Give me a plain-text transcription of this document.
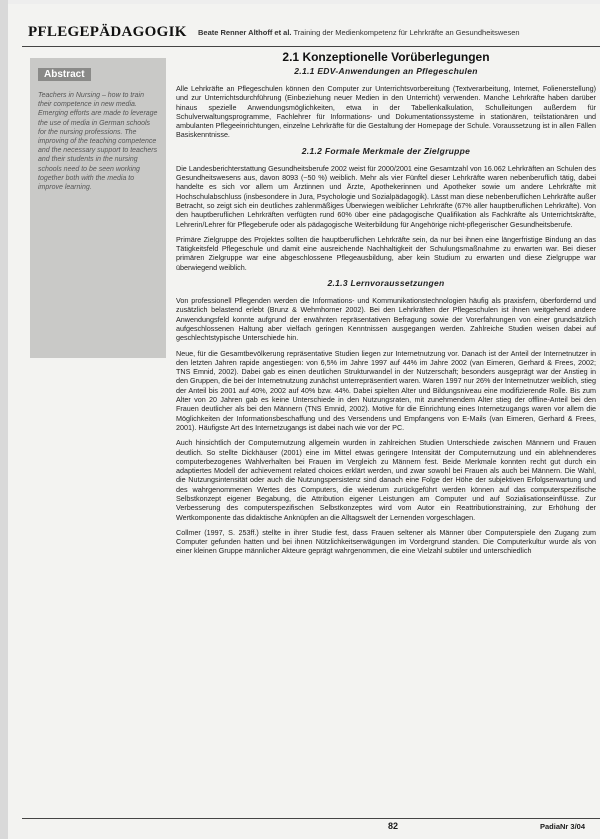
PFLEGEPÄDAGOGIK Beate Renner Althoff et al. Training der Medienkompetenz für Lehrkräfte an Gesundheitswesen
Abstract

Teachers in Nursing – how to train their competence in new media. Emerging efforts are made to leverage the use of media in German schools for the nursing professions. The improving of the teaching competence and the necessary support to teachers and their students in the nursing schools need to be seen working together both with the media to improve learning.

2.1 Konzeptionelle Vorüberlegungen
2.1.1 EDV-Anwendungen an Pflegeschulen

Alle Lehrkräfte an Pflegeschulen können den Computer zur Unterrichtsvorbereitung (Textverarbeitung, Internet, Folienerstellung) und zur Unterrichtsdurchführung (Einbeziehung neuer Medien in den Unterricht) verwenden. Manche Lehrkräfte haben darüber hinaus spezielle Anwendungsmöglichkeiten, etwa in der Tabellenkalkulation, Schulleitungen außerdem für Schulverwaltungsprogramme, Fachlehrer für Informations- und Dokumentationssysteme in stationären, teilstationären und ambulanten Pflegeeinrichtungen, einzelne Lehrkräfte für die Gestaltung der Homepage der Schule. Voraussetzung ist in allen Fällen Basiskenntnisse.

2.1.2 Formale Merkmale der Zielgruppe

Die Landesberichterstattung Gesundheitsberufe 2002 weist für 2000/2001 eine Gesamtzahl von 16.062 Lehrkräften an Schulen des Gesundheitswesens aus, davon 8093 (~50 %) weiblich. Mehr als vier Fünftel dieser Lehrkräfte waren nebenberuflich tätig, dabei handelte es sich vor allem um Ärztinnen und Ärzte, Apothekerinnen und Apotheker sowie um andere Lehrkräfte mit Hochschulabschluss (insbesondere in Jura, Psychologie und Sozialpädagogik). Lässt man diese nebenberuflichen Lehrkräfte außer Betracht, so zeigt sich ein deutliches zahlenmäßiges Überwiegen weiblicher Lehrkräfte (67% aller hauptberuflichen Lehrkräfte). Von den hauptberuflichen Lehrkräften verfügten rund 60% über eine pädagogische Qualifikation als Fachkräfte als Unterrichtskräfte, Lehrerin/Lehrer für Pflegeberufe oder als pädagogische Weiterbildung für Angehörige nicht-pflegerischer Gesundheitsberufe.

Primäre Zielgruppe des Projektes sollten die hauptberuflichen Lehrkräfte sein, da nur bei ihnen eine längerfristige Bindung an das Tätigkeitsfeld Pflegeschule und damit eine ausreichende Nachhaltigkeit der Schulungsmaßnahme zu erwarten war. Bei dieser primären Zielgruppe war eine abgeschlossene Pflegeausbildung, aber kein Studium zu erwarten und diese Zielgruppe war überwiegend weiblich.

2.1.3 Lernvoraussetzungen

Von professionell Pflegenden werden die Informations- und Kommunikationstechnologien häufig als praxisfern, überfordernd und zusätzlich belastend erlebt (Brunz & Wehmhorner 2002). Bei den Lehrkräften der Pflegeschulen ist ihnen weitgehend andere Anwendungsfeld konnte aufgrund der erwähnten repräsentativen Befragung sowie der Vorerfahrungen von einer grundsätzlich aufgeschlossenen Haltung aber vielfach geringen Kenntnissen ausgegangen werden. Zahlreiche Studien weisen dabei auf geschlechtstypische Unterschiede hin.

Neue, für die Gesamtbevölkerung repräsentative Studien liegen zur Internetnutzung vor. Danach ist der Anteil der Internetnutzer in den letzten Jahren rapide angestiegen: von 6,5% im Jahre 1997 auf 44% im Jahre 2002 (van Eimeren, Gerhard & Frees, 2002; TNS Emnid, 2002). Dabei gab es einen deutlichen Strukturwandel in der Nutzerschaft; besonders ausgeprägt war der Anstieg in den Gruppen, die bei der Internetnutzung zunächst unterrepräsentiert waren. Waren 1997 nur 26% der Internetnutzer weiblich, stieg der Anteil bis 2001 auf 40%, 2002 auf 40% bzw. 44%. Dabei spielten Alter und Bildungsniveau eine modifizierende Rolle. Bis zum Alter von 20 Jahren gab es keine Unterschiede in den Nutzungsraten, mit zunehmendem Alter stieg der offline-Anteil bei den Frauen deutlicher als bei den Männern (TNS Emnid, 2002). Motive für die Einrichtung eines Internetzugangs waren vor allem die Möglichkeiten der Informationsbeschaffung und des Versendens und Empfangens von E-Mails (van Eimeren, Gerhard & Frees, 2001). Häufigste Art des Internetzugangs ist dabei nach wie vor der PC.

Auch hinsichtlich der Computernutzung allgemein wurden in zahlreichen Studien Unterschiede zwischen Männern und Frauen deutlich. So stellte Dickhäuser (2001) eine im Mittel etwas geringere Intensität der Computernutzung und ein ablehnenderes computerbezogenes Wahlverhalten bei Frauen im Vergleich zu Männern fest. Beide Merkmale konnten recht gut durch ein adaptiertes Modell der achievement related choices erklärt werden, und zwar sowohl bei Frauen als auch bei Männern. Die Wahl, die Nutzungsintensität oder auch die Nutzungspersistenz sind danach eine Folge der Höhe der subjektiven Erfolgserwartung und des wahrgenommenen Wertes des Computers, die wiederum zurückgeführt werden können auf das computerspezifische Selbstkonzept eigener Begabung, die Attribution eigener Leistungen am Computer und auf Sozialisationseinflüsse. Zur Verbesserung des computerspezifischen Selbstkonzeptes wird vom Autor ein Reattributionstraining, zur Erhöhung der Wertkomponente das didaktische Anknüpfen an die Alltagswelt der Lernenden vorgeschlagen.

Collmer (1997, S. 253ff.) stellte in ihrer Studie fest, dass Frauen seltener als Männer über Computerspiele den Zugang zum Computer gefunden hatten und bei ihnen Nützlichkeitserwägungen im Vordergrund standen. Die Computerkultur wurde als von einer kleinen Gruppe männlicher Akteure geprägt wahrgenommen, die eine Vielzahl subtiler und unterschiedlich

82	PadiaNr 3/04
